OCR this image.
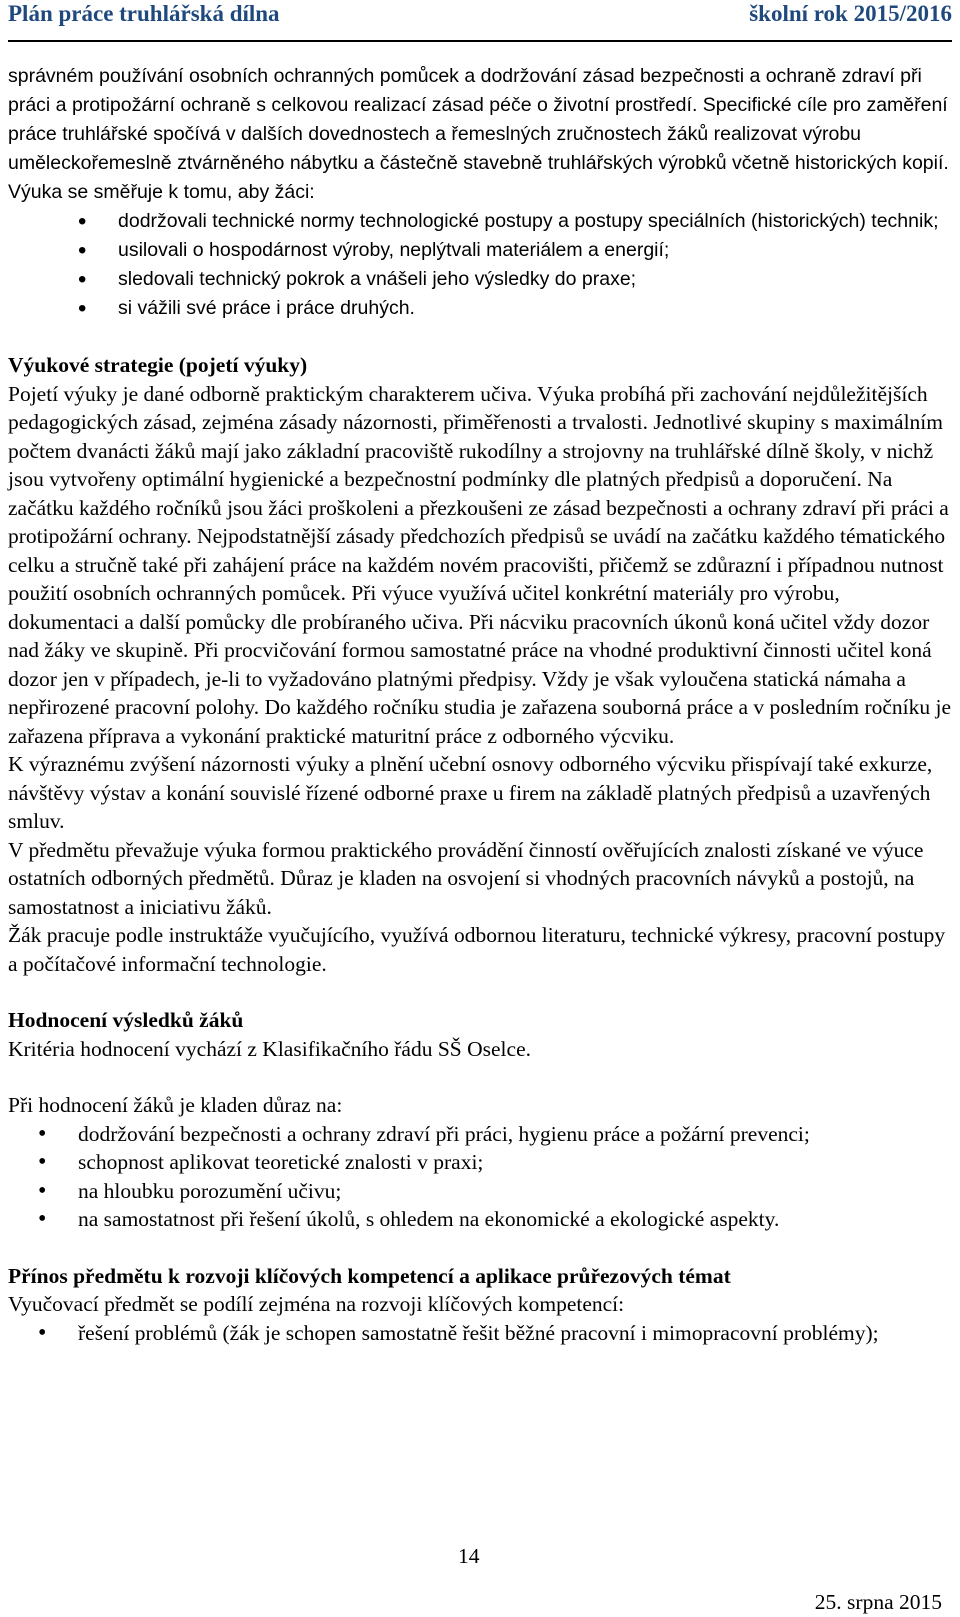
Plán práce truhlářská dílna	školní rok 2015/2016

správném používání osobních ochranných pomůcek a dodržování zásad bezpečnosti a ochraně zdraví při práci a protipožární ochraně s celkovou realizací zásad péče o životní prostředí. Specifické cíle pro zaměření práce truhlářské spočívá v dalších dovednostech a řemeslných zručnostech žáků realizovat výrobu uměleckořemeslně ztvárněného nábytku a částečně stavebně truhlářských výrobků včetně historických kopií.

Výuka se směřuje k tomu, aby žáci:

• dodržovali technické normy technologické postupy a postupy speciálních (historických) technik;
• usilovali o hospodárnost výroby, neplýtvali materiálem a energií;
• sledovali technický pokrok a vnášeli jeho výsledky do praxe;
• si vážili své práce i práce druhých.

Výukové strategie (pojetí výuky)

Pojetí výuky je dané odborně praktickým charakterem učiva. Výuka probíhá při zachování nejdůležitějších pedagogických zásad, zejména zásady názornosti, přiměřenosti a trvalosti. Jednotlivé skupiny s maximálním počtem dvanácti žáků mají jako základní pracoviště rukodílny a strojovny na truhlářské dílně školy, v nichž jsou vytvořeny optimální hygienické a bezpečnostní podmínky dle platných předpisů a doporučení. Na začátku každého ročníků jsou žáci proškoleni a přezkoušeni ze zásad bezpečnosti a ochrany zdraví při práci a protipožární ochrany. Nejpodstatnější zásady předchozích předpisů se uvádí na začátku každého tématického celku a stručně také při zahájení práce na každém novém pracovišti, přičemž se zdůrazní i případnou nutnost použití osobních ochranných pomůcek. Při výuce využívá učitel konkrétní materiály pro výrobu, dokumentaci a další pomůcky dle probíraného učiva. Při nácviku pracovních úkonů koná učitel vždy dozor nad žáky ve skupině. Při procvičování formou samostatné práce na vhodné produktivní činnosti učitel koná dozor jen v případech, je-li to vyžadováno platnými předpisy. Vždy je však vyloučena statická námaha a nepřirozené pracovní polohy. Do každého ročníku studia je zařazena souborná práce a v posledním ročníku je zařazena příprava a vykonání praktické maturitní práce z odborného výcviku.

K výraznému zvýšení názornosti výuky a plnění učební osnovy odborného výcviku přispívají také exkurze, návštěvy výstav a konání souvislé řízené odborné praxe u firem na základě platných předpisů a uzavřených smluv.

V předmětu převažuje výuka formou praktického provádění činností ověřujících znalosti získané ve výuce ostatních odborných předmětů. Důraz je kladen na osvojení si vhodných pracovních návyků a postojů, na samostatnost a iniciativu žáků.

Žák pracuje podle instruktáže vyučujícího, využívá odbornou literaturu, technické výkresy, pracovní postupy a počítačové informační technologie.

Hodnocení výsledků žáků

Kritéria hodnocení vychází z Klasifikačního řádu SŠ Oselce.

Při hodnocení žáků je kladen důraz na:

• dodržování bezpečnosti a ochrany zdraví při práci, hygienu práce a požární prevenci;
• schopnost aplikovat teoretické znalosti v praxi;
• na hloubku porozumění učivu;
• na samostatnost při řešení úkolů, s ohledem na ekonomické a ekologické aspekty.

Přínos předmětu k rozvoji klíčových kompetencí a aplikace průřezových témat

Vyučovací předmět se podílí zejména na rozvoji klíčových kompetencí:

• řešení problémů (žák je schopen samostatně řešit běžné pracovní i mimopracovní problémy);
14
25. srpna 2015
